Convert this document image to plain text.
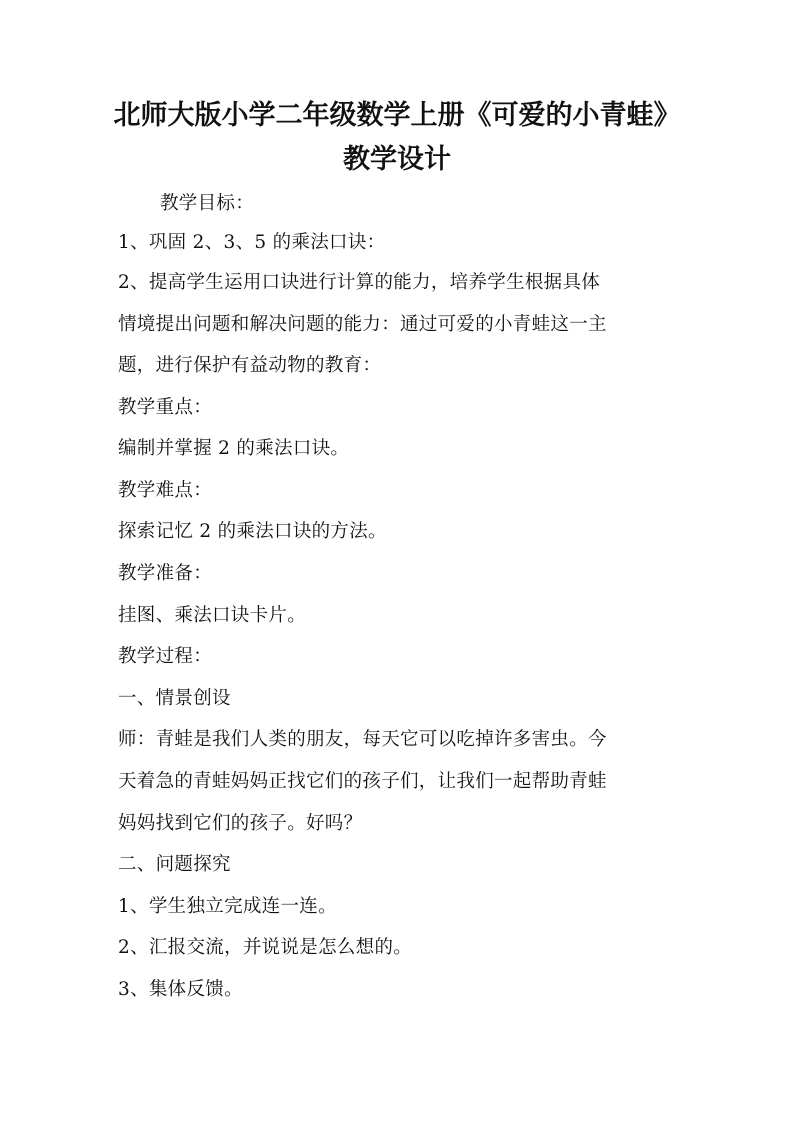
北师大版小学二年级数学上册《可爱的小青蛙》
教学设计
教学目标：
1、巩固 2、3、5 的乘法口诀：
2、提高学生运用口诀进行计算的能力，培养学生根据具体
情境提出问题和解决问题的能力：通过可爱的小青蛙这一主
题，进行保护有益动物的教育：
教学重点：
编制并掌握 2 的乘法口诀。
教学难点：
探索记忆 2 的乘法口诀的方法。
教学准备：
挂图、乘法口诀卡片。
教学过程：
一、情景创设
师：青蛙是我们人类的朋友，每天它可以吃掉许多害虫。今
天着急的青蛙妈妈正找它们的孩子们，让我们一起帮助青蛙
妈妈找到它们的孩子。好吗？
二、问题探究
1、学生独立完成连一连。
2、汇报交流，并说说是怎么想的。
3、集体反馈。
